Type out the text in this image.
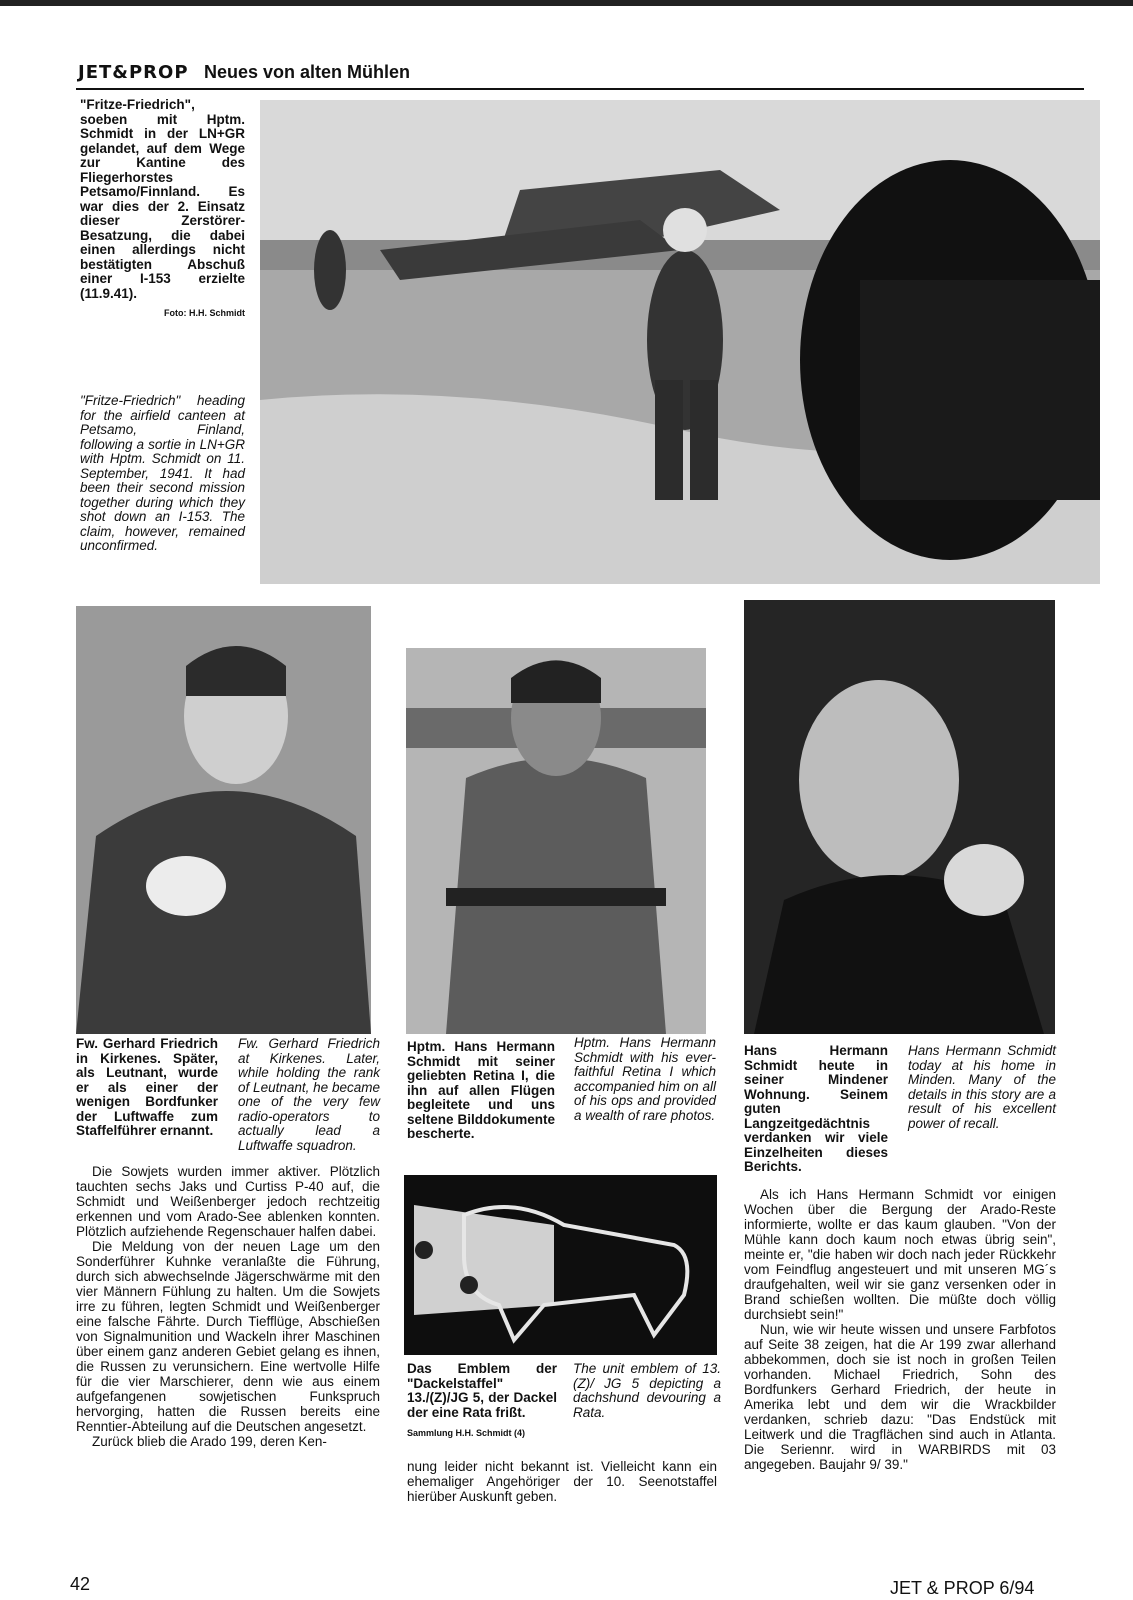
JET&PROP Neues von alten Mühlen
"Fritze-Friedrich", soeben mit Hptm. Schmidt in der LN+GR gelandet, auf dem Wege zur Kantine des Fliegerhorstes Petsamo/Finnland. Es war dies der 2. Einsatz dieser Zerstörer-Besatzung, die dabei einen allerdings nicht bestätigten Abschuß einer I-153 erzielte (11.9.41).
Foto: H.H. Schmidt
"Fritze-Friedrich" heading for the airfield canteen at Petsamo, Finland, following a sortie in LN+GR with Hptm. Schmidt on 11. September, 1941. It had been their second mission together during which they shot down an I-153. The claim, however, remained unconfirmed.
Fw. Gerhard Friedrich in Kirkenes. Später, als Leutnant, wurde er als einer der wenigen Bordfunker der Luftwaffe zum Staffelführer ernannt.
Fw. Gerhard Friedrich at Kirkenes. Later, while holding the rank of Leutnant, he became one of the very few radio-operators to actually lead a Luftwaffe squadron.
Hptm. Hans Hermann Schmidt mit seiner geliebten Retina I, die ihn auf allen Flügen begleitete und uns seltene Bilddokumente bescherte.
Hptm. Hans Hermann Schmidt with his ever-faithful Retina I which accompanied him on all of his ops and provided a wealth of rare photos.
Hans Hermann Schmidt heute in seiner Mindener Wohnung. Seinem guten Langzeitgedächtnis verdanken wir viele Einzelheiten dieses Berichts.
Hans Hermann Schmidt today at his home in Minden. Many of the details in this story are a result of his excellent power of recall.
Das Emblem der "Dackelstaffel" 13./(Z)/JG 5, der Dackel der eine Rata frißt.
The unit emblem of 13.(Z)/ JG 5 depicting a dachshund devouring a Rata.
Sammlung H.H. Schmidt (4)

Die Sowjets wurden immer aktiver. Plötzlich tauchten sechs Jaks und Curtiss P-40 auf, die Schmidt und Weißenberger jedoch rechtzeitig erkennen und vom Arado-See ablenken konnten. Plötzlich aufziehende Regenschauer halfen dabei.

Die Meldung von der neuen Lage um den Sonderführer Kuhnke veranlaßte die Führung, durch sich abwechselnde Jägerschwärme mit den vier Männern Fühlung zu halten. Um die Sowjets irre zu führen, legten Schmidt und Weißenberger eine falsche Fährte. Durch Tiefflüge, Abschießen von Signalmunition und Wackeln ihrer Maschinen über einem ganz anderen Gebiet gelang es ihnen, die Russen zu verunsichern. Eine wertvolle Hilfe für die vier Marschierer, denn wie aus einem aufgefangenen sowjetischen Funkspruch hervorging, hatten die Russen bereits eine Renntier-Abteilung auf die Deutschen angesetzt.

Zurück blieb die Arado 199, deren Ken-

nung leider nicht bekannt ist. Vielleicht kann ein ehemaliger Angehöriger der 10. Seenotstaffel hierüber Auskunft geben.

Als ich Hans Hermann Schmidt vor einigen Wochen über die Bergung der Arado-Reste informierte, wollte er das kaum glauben. "Von der Mühle kann doch kaum noch etwas übrig sein", meinte er, "die haben wir doch nach jeder Rückkehr vom Feindflug angesteuert und mit unseren MG´s draufgehalten, weil wir sie ganz versenken oder in Brand schießen wollten. Die müßte doch völlig durchsiebt sein!"

Nun, wie wir heute wissen und unsere Farbfotos auf Seite 38 zeigen, hat die Ar 199 zwar allerhand abbekommen, doch sie ist noch in großen Teilen vorhanden. Michael Friedrich, Sohn des Bordfunkers Gerhard Friedrich, der heute in Amerika lebt und dem wir die Wrackbilder verdanken, schrieb dazu: "Das Endstück mit Leitwerk und die Tragflächen sind auch in Atlanta. Die Seriennr. wird in WARBIRDS mit 03 angegeben. Baujahr 9/ 39."

42	JET & PROP 6/94
